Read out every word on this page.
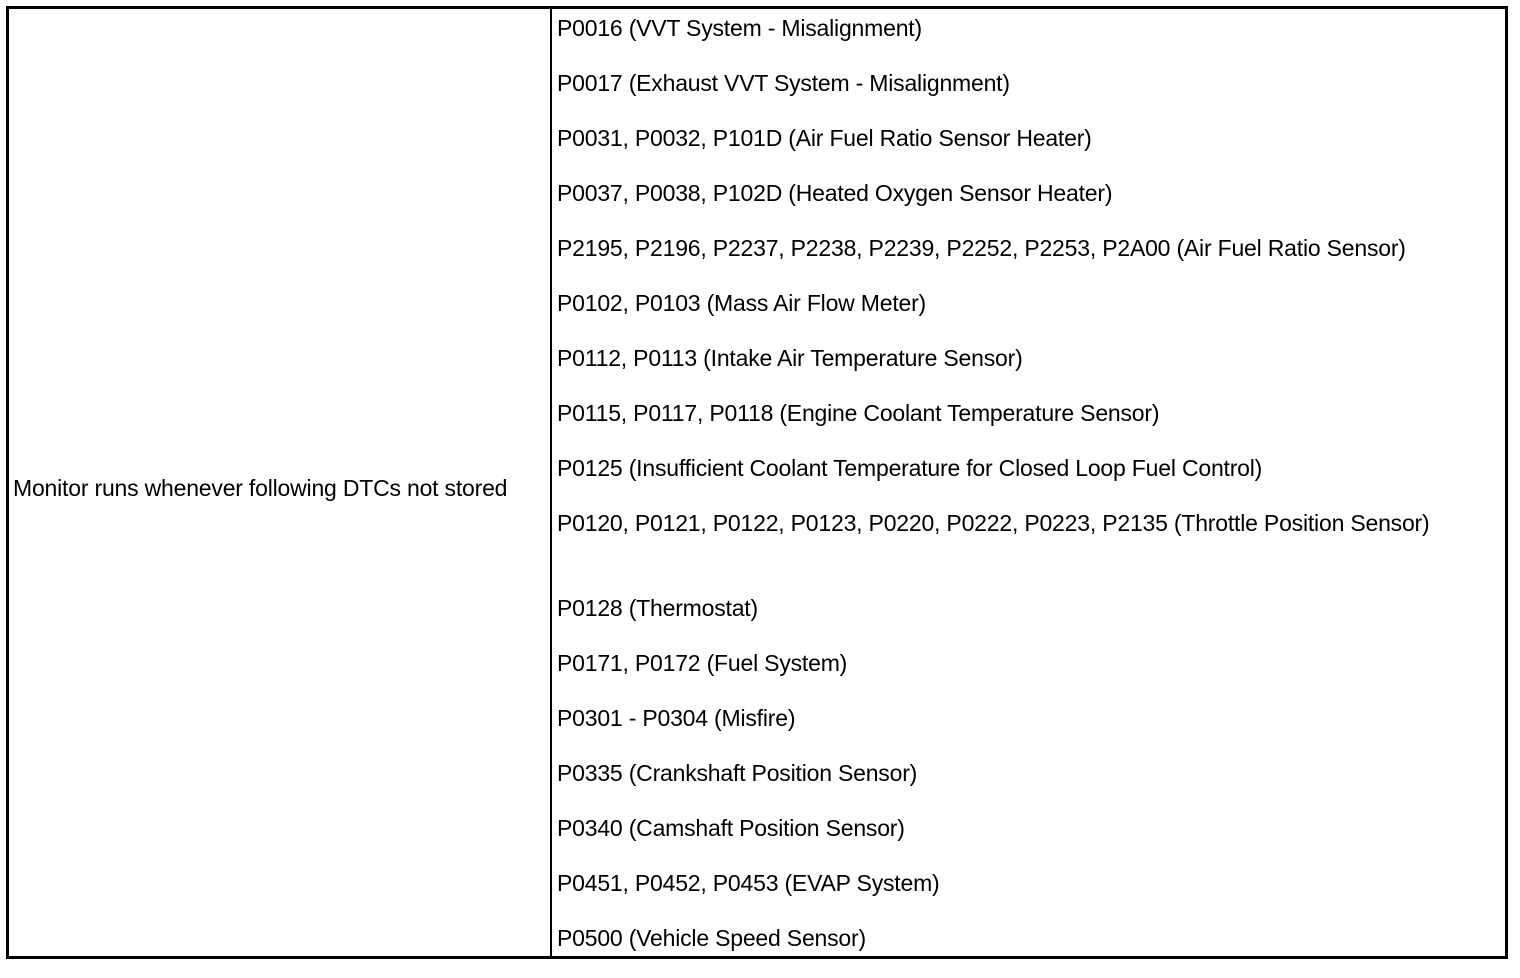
Monitor runs whenever following DTCs not stored
P0016 (VVT System - Misalignment)
P0017 (Exhaust VVT System - Misalignment)
P0031, P0032, P101D (Air Fuel Ratio Sensor Heater)
P0037, P0038, P102D (Heated Oxygen Sensor Heater)
P2195, P2196, P2237, P2238, P2239, P2252, P2253, P2A00 (Air Fuel Ratio Sensor)
P0102, P0103 (Mass Air Flow Meter)
P0112, P0113 (Intake Air Temperature Sensor)
P0115, P0117, P0118 (Engine Coolant Temperature Sensor)
P0125 (Insufficient Coolant Temperature for Closed Loop Fuel Control)
P0120, P0121, P0122, P0123, P0220, P0222, P0223, P2135 (Throttle Position Sensor)
P0128 (Thermostat)
P0171, P0172 (Fuel System)
P0301 - P0304 (Misfire)
P0335 (Crankshaft Position Sensor)
P0340 (Camshaft Position Sensor)
P0451, P0452, P0453 (EVAP System)
P0500 (Vehicle Speed Sensor)
